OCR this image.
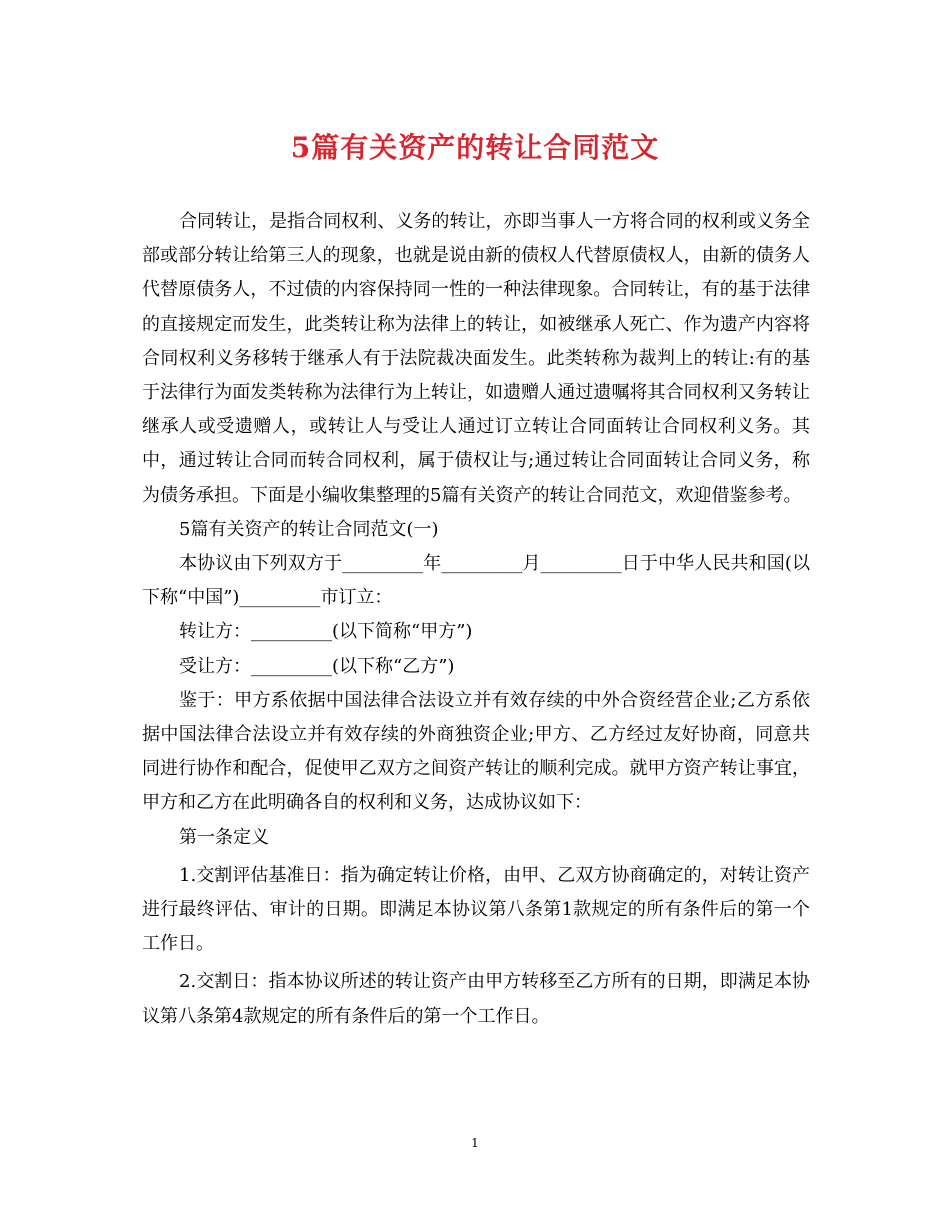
5篇有关资产的转让合同范文

合同转让，是指合同权利、义务的转让，亦即当事人一方将合同的权利或义务全部或部分转让给第三人的现象，也就是说由新的债权人代替原债权人，由新的债务人代替原债务人，不过债的内容保持同一性的一种法律现象。合同转让，有的基于法律的直接规定而发生，此类转让称为法律上的转让，如被继承人死亡、作为遗产内容将合同权利义务移转于继承人有于法院裁决面发生。此类转称为裁判上的转让:有的基于法律行为面发类转称为法律行为上转让，如遗赠人通过遗嘱将其合同权利又务转让继承人或受遗赠人，或转让人与受让人通过订立转让合同面转让合同权利义务。其中，通过转让合同而转合同权利，属于债权让与;通过转让合同面转让合同义务，称为债务承担。下面是小编收集整理的5篇有关资产的转让合同范文，欢迎借鉴参考。

5篇有关资产的转让合同范文(一)

本协议由下列双方于_________年_________月_________日于中华人民共和国(以下称“中国”)_________市订立：

转让方：_________(以下简称“甲方”)

受让方：_________(以下称“乙方”)

鉴于：甲方系依据中国法律合法设立并有效存续的中外合资经营企业;乙方系依据中国法律合法设立并有效存续的外商独资企业;甲方、乙方经过友好协商，同意共同进行协作和配合，促使甲乙双方之间资产转让的顺利完成。就甲方资产转让事宜，甲方和乙方在此明确各自的权利和义务，达成协议如下：

第一条定义

1.交割评估基准日：指为确定转让价格，由甲、乙双方协商确定的，对转让资产进行最终评估、审计的日期。即满足本协议第八条第1款规定的所有条件后的第一个工作日。

2.交割日：指本协议所述的转让资产由甲方转移至乙方所有的日期，即满足本协议第八条第4款规定的所有条件后的第一个工作日。

1
